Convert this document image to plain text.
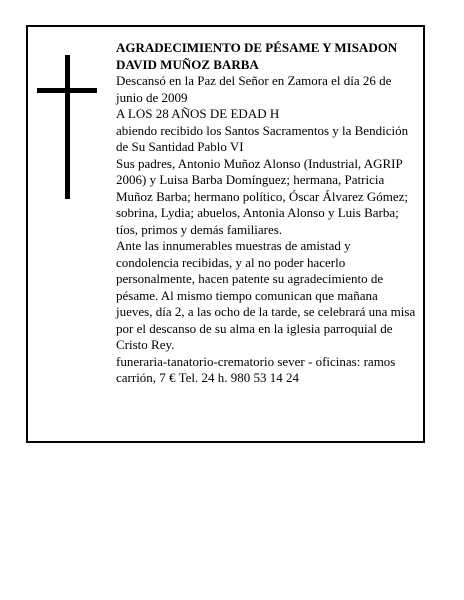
AGRADECIMIENTO DE PÉSAME Y MISADON DAVID MUÑOZ BARBA

Descansó en la Paz del Señor en Zamora el día 26 de junio de 2009

A LOS 28 AÑOS DE EDAD H

abiendo recibido los Santos Sacramentos y la Bendición de Su Santidad Pablo VI

Sus padres, Antonio Muñoz Alonso (Industrial, AGRIP 2006) y Luisa Barba Domínguez; hermana, Patricia Muñoz Barba; hermano político, Óscar Álvarez Gómez; sobrina, Lydia; abuelos, Antonia Alonso y Luis Barba; tíos, primos y demás familiares.

Ante las innumerables muestras de amistad y condolencia recibidas, y al no poder hacerlo personalmente, hacen patente su agradecimiento de pésame. Al mismo tiempo comunican que mañana jueves, día 2, a las ocho de la tarde, se celebrará una misa por el descanso de su alma en la iglesia parroquial de Cristo Rey.

funeraria-tanatorio-crematorio sever - oficinas: ramos carrión, 7 € Tel. 24 h. 980 53 14 24
